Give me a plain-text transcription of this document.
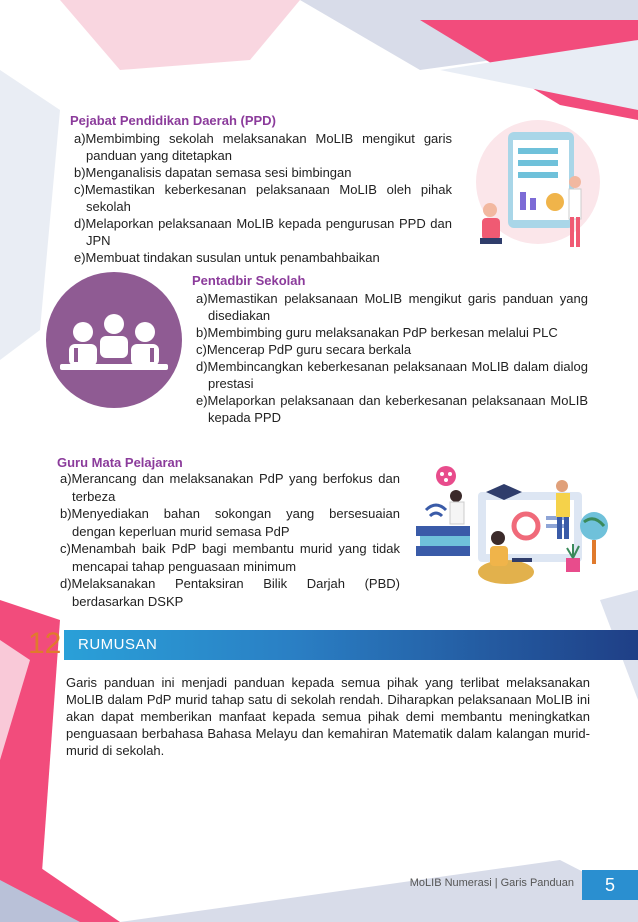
Pejabat Pendidikan Daerah (PPD)
a)Membimbing sekolah melaksanakan MoLIB mengikut garis panduan yang ditetapkan
b)Menganalisis dapatan semasa sesi bimbingan
c)Memastikan keberkesanan pelaksanaan MoLIB oleh pihak sekolah
d)Melaporkan pelaksanaan MoLIB kepada pengurusan PPD dan JPN
e)Membuat tindakan susulan untuk penambahbaikan
Pentadbir Sekolah
a)Memastikan pelaksanaan MoLIB mengikut garis panduan yang disediakan
b)Membimbing guru melaksanakan PdP berkesan melalui PLC
c)Mencerap PdP guru secara berkala
d)Membincangkan keberkesanan pelaksanaan MoLIB dalam dialog prestasi
e)Melaporkan pelaksanaan dan keberkesanan pelaksanaan MoLIB kepada PPD
Guru Mata Pelajaran
a)Merancang dan melaksanakan PdP yang berfokus dan terbeza
b)Menyediakan bahan sokongan yang bersesuaian dengan keperluan murid semasa PdP
c)Menambah baik PdP bagi membantu murid yang tidak mencapai tahap penguasaan minimum
d)Melaksanakan Pentaksiran Bilik Darjah (PBD) berdasarkan DSKP
12 RUMUSAN

Garis panduan ini menjadi panduan kepada semua pihak yang terlibat melaksanakan MoLIB dalam PdP murid tahap satu di sekolah rendah. Diharapkan pelaksanaan MoLIB ini akan dapat memberikan manfaat kepada semua pihak demi membantu meningkatkan penguasaan berbahasa Bahasa Melayu dan kemahiran Matematik dalam kalangan murid-murid di sekolah.

MoLIB Numerasi | Garis Panduan	5
